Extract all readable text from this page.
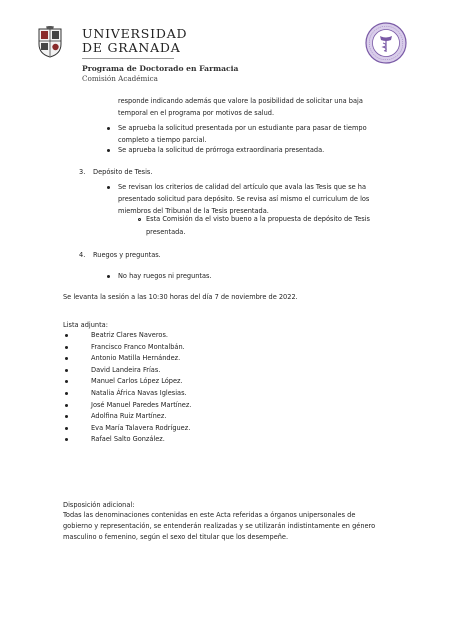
UNIVERSIDAD
DE GRANADA
Programa de Doctorado en Farmacia
Comisión Académica
responde indicando además que valore la posibilidad de solicitar una baja
temporal en el programa por motivos de salud.
Se aprueba la solicitud presentada por un estudiante para pasar de tiempo
completo a tiempo parcial.
Se aprueba la solicitud de prórroga extraordinaria presentada.
3. Depósito de Tesis.
Se revisan los criterios de calidad del artículo que avala las Tesis que se ha
presentado solicitud para depósito. Se revisa así mismo el curriculum de los
miembros del Tribunal de la Tesis presentada.
Esta Comisión da el visto bueno a la propuesta de depósito de Tesis
presentada.
4. Ruegos y preguntas.
No hay ruegos ni preguntas.
Se levanta la sesión a las 10:30 horas del día 7 de noviembre de 2022.
Lista adjunta:
Beatriz Clares Naveros.
Francisco Franco Montalbán.
Antonio Matilla Hernández.
David Landeira Frías.
Manuel Carlos López López.
Natalia África Navas Iglesias.
José Manuel Paredes Martínez.
Adolfina Ruiz Martínez.
Eva María Talavera Rodríguez.
Rafael Salto González.
Disposición adicional:
Todas las denominaciones contenidas en este Acta referidas a órganos unipersonales de
gobierno y representación, se entenderán realizadas y se utilizarán indistintamente en género
masculino o femenino, según el sexo del titular que los desempeñe.
